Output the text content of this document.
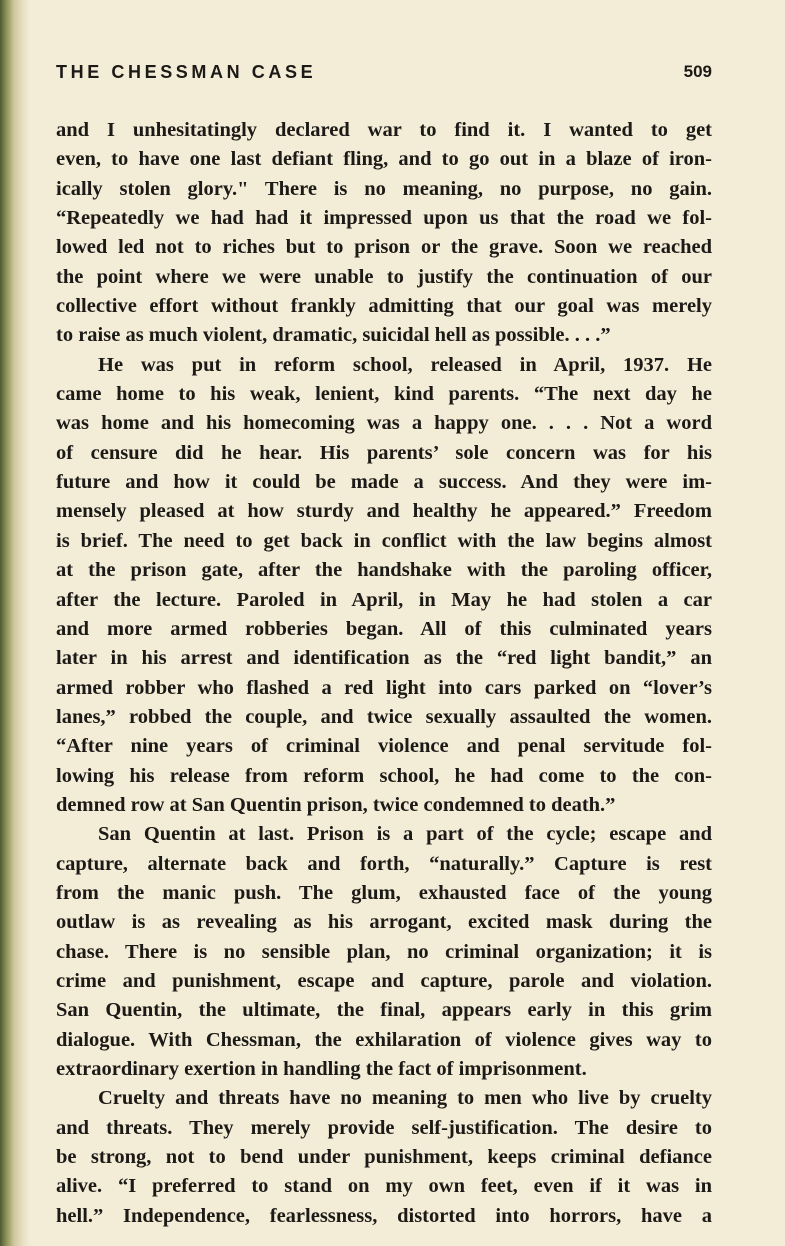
THE CHESSMAN CASE	509
and I unhesitatingly declared war to find it. I wanted to get
even, to have one last defiant fling, and to go out in a blaze of iron-
ically stolen glory." There is no meaning, no purpose, no gain.
“Repeatedly we had had it impressed upon us that the road we fol-
lowed led not to riches but to prison or the grave. Soon we reached
the point where we were unable to justify the continuation of our
collective effort without frankly admitting that our goal was merely
to raise as much violent, dramatic, suicidal hell as possible. . . .”
He was put in reform school, released in April, 1937. He
came home to his weak, lenient, kind parents. “The next day he
was home and his homecoming was a happy one. . . . Not a word
of censure did he hear. His parents’ sole concern was for his
future and how it could be made a success. And they were im-
mensely pleased at how sturdy and healthy he appeared.” Freedom
is brief. The need to get back in conflict with the law begins almost
at the prison gate, after the handshake with the paroling officer,
after the lecture. Paroled in April, in May he had stolen a car
and more armed robberies began. All of this culminated years
later in his arrest and identification as the “red light bandit,” an
armed robber who flashed a red light into cars parked on “lover’s
lanes,” robbed the couple, and twice sexually assaulted the women.
“After nine years of criminal violence and penal servitude fol-
lowing his release from reform school, he had come to the con-
demned row at San Quentin prison, twice condemned to death.”
San Quentin at last. Prison is a part of the cycle; escape and
capture, alternate back and forth, “naturally.” Capture is rest
from the manic push. The glum, exhausted face of the young
outlaw is as revealing as his arrogant, excited mask during the
chase. There is no sensible plan, no criminal organization; it is
crime and punishment, escape and capture, parole and violation.
San Quentin, the ultimate, the final, appears early in this grim
dialogue. With Chessman, the exhilaration of violence gives way to
extraordinary exertion in handling the fact of imprisonment.
Cruelty and threats have no meaning to men who live by cruelty
and threats. They merely provide self-justification. The desire to
be strong, not to bend under punishment, keeps criminal defiance
alive. “I preferred to stand on my own feet, even if it was in
hell.” Independence, fearlessness, distorted into horrors, have a
